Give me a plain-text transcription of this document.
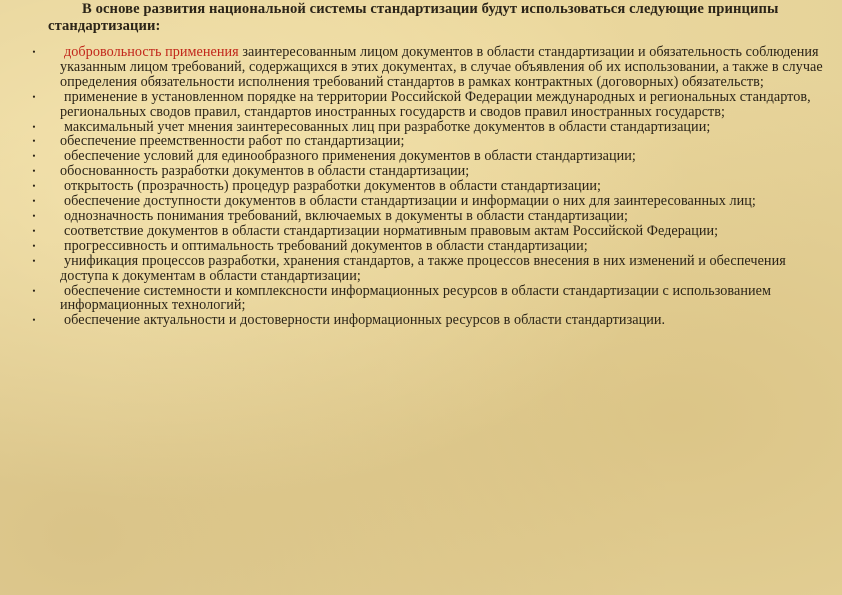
В основе развития национальной системы стандартизации будут использоваться следующие принципы стандартизации:
•	добровольность применения заинтересованным лицом документов в области стандартизации и обязательность соблюдения указанным лицом требований, содержащихся в этих документах, в случае объявления об их использовании, а также в случае определения обязательности исполнения требований стандартов в рамках контрактных (договорных) обязательств;
•	применение в установленном порядке на территории Российской Федерации международных и региональных стандартов, региональных сводов правил, стандартов иностранных государств и сводов правил иностранных государств;
•	максимальный учет мнения заинтересованных лиц при разработке документов в области стандартизации;
•	обеспечение преемственности работ по стандартизации;
•	обеспечение условий для единообразного применения документов в области стандартизации;
•	обоснованность разработки документов в области стандартизации;
•	открытость (прозрачность) процедур разработки документов в области стандартизации;
•	обеспечение доступности документов в области стандартизации и информации о них для заинтересованных лиц;
•	однозначность понимания требований, включаемых в документы в области стандартизации;
•	соответствие документов в области стандартизации нормативным правовым актам Российской Федерации;
•	прогрессивность и оптимальность требований документов в области стандартизации;
•	унификация процессов разработки, хранения стандартов, а также процессов внесения в них изменений и обеспечения доступа к документам в области стандартизации;
•	обеспечение системности и комплексности информационных ресурсов в области стандартизации с использованием информационных технологий;
•	обеспечение актуальности и достоверности информационных ресурсов в области стандартизации.
